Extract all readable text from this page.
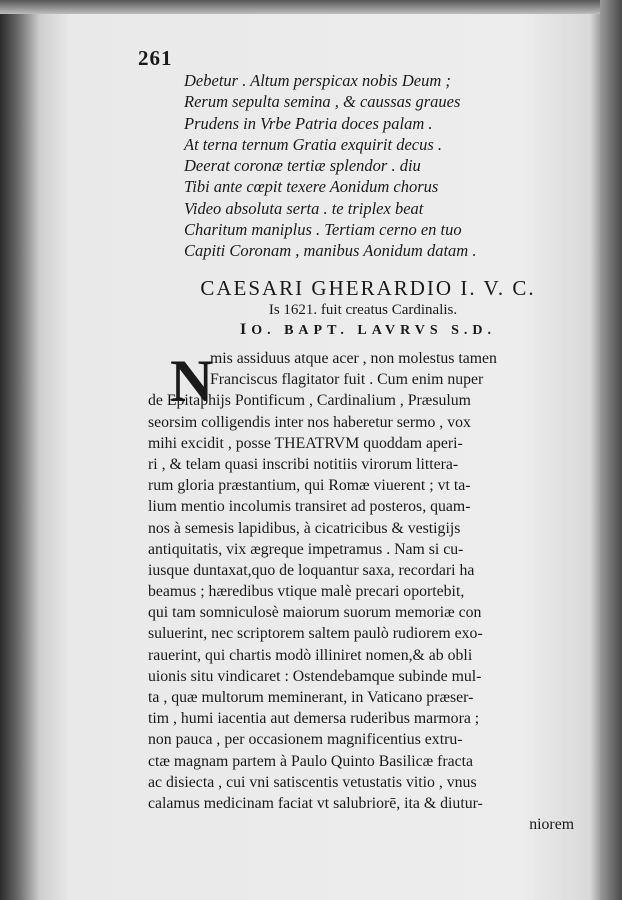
261
Debetur . Altum perspicax nobis Deum ;
Rerum sepulta semina , & caussas graues
Prudens in Vrbe Patria doces palam .
At terna ternum Gratia exquirit decus .
Deerat coronæ tertiæ splendor . diu
Tibi ante cœpit texere Aonidum chorus
Video absoluta serta . te triplex beat
Charitum maniplus . Tertiam cerno en tuo
Capiti Coronam , manibus Aonidum datam .
CAESARI GHERARDIO I. V. C.
Is 1621. fuit creatus Cardinalis.
IO. BAPT. LAVRVS S.D.
N
mis assiduus atque acer , non molestus tamen
Franciscus flagitator fuit . Cum enim nuper
de Epitaphijs Pontificum , Cardinalium , Præsulum
seorsim colligendis inter nos haberetur sermo , vox
mihi excidit , posse THEATRVM quoddam aperi-
ri , & telam quasi inscribi notitiis virorum littera-
rum gloria præstantium, qui Romæ viuerent ; vt ta-
lium mentio incolumis transiret ad posteros, quam-
nos à semesis lapidibus, à cicatricibus & vestigijs
antiquitatis, vix ægreque impetramus . Nam si cu-
iusque duntaxat,quo de loquantur saxa, recordari ha
beamus ; hæredibus vtique malè precari oportebit,
qui tam somniculosè maiorum suorum memoriæ con
suluerint, nec scriptorem saltem paulò rudiorem exo-
rauerint, qui chartis modò illiniret nomen,& ab obli
uionis situ vindicaret : Ostendebamque subinde mul-
ta , quæ multorum meminerant, in Vaticano præser-
tim , humi iacentia aut demersa ruderibus marmora ;
non pauca , per occasionem magnificentius extru-
ctæ magnam partem à Paulo Quinto Basilicæ fracta
ac disiecta , cui vni satiscentis vetustatis vitio , vnus
calamus medicinam faciat vt salubriorē, ita & diutur-
niorem
